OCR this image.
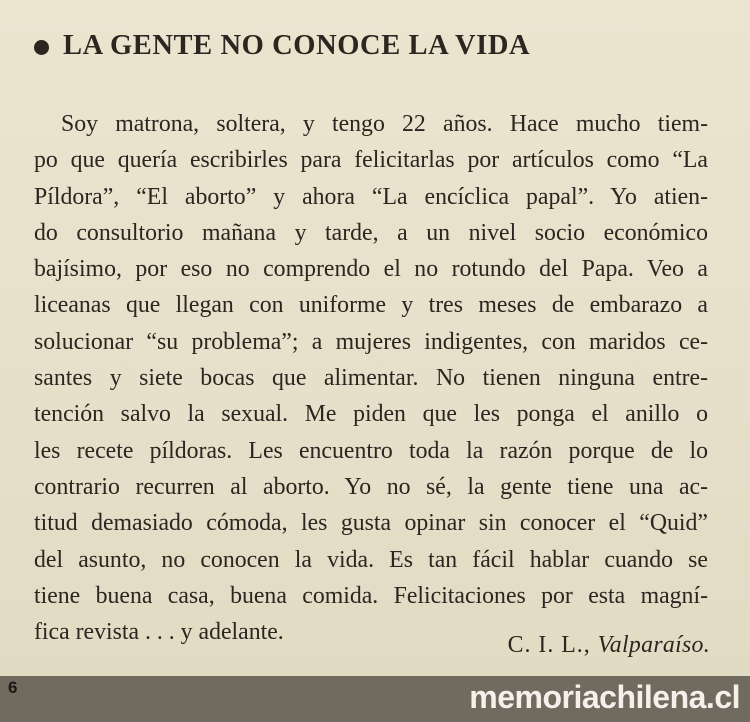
LA GENTE NO CONOCE LA VIDA
Soy matrona, soltera, y tengo 22 años. Hace mucho tiem-
po que quería escribirles para felicitarlas por artículos como “La
Píldora”, “El aborto” y ahora “La encíclica papal”. Yo atien-
do consultorio mañana y tarde, a un nivel socio económico
bajísimo, por eso no comprendo el no rotundo del Papa. Veo a
liceanas que llegan con uniforme y tres meses de embarazo a
solucionar “su problema”; a mujeres indigentes, con maridos ce-
santes y siete bocas que alimentar. No tienen ninguna entre-
tención salvo la sexual. Me piden que les ponga el anillo o
les recete píldoras. Les encuentro toda la razón porque de lo
contrario recurren al aborto. Yo no sé, la gente tiene una ac-
titud demasiado cómoda, les gusta opinar sin conocer el “Quid”
del asunto, no conocen la vida. Es tan fácil hablar cuando se
tiene buena casa, buena comida. Felicitaciones por esta magní-
fica revista . . . y adelante.	C. I. L., Valparaíso.
6	memoriachilena.cl
